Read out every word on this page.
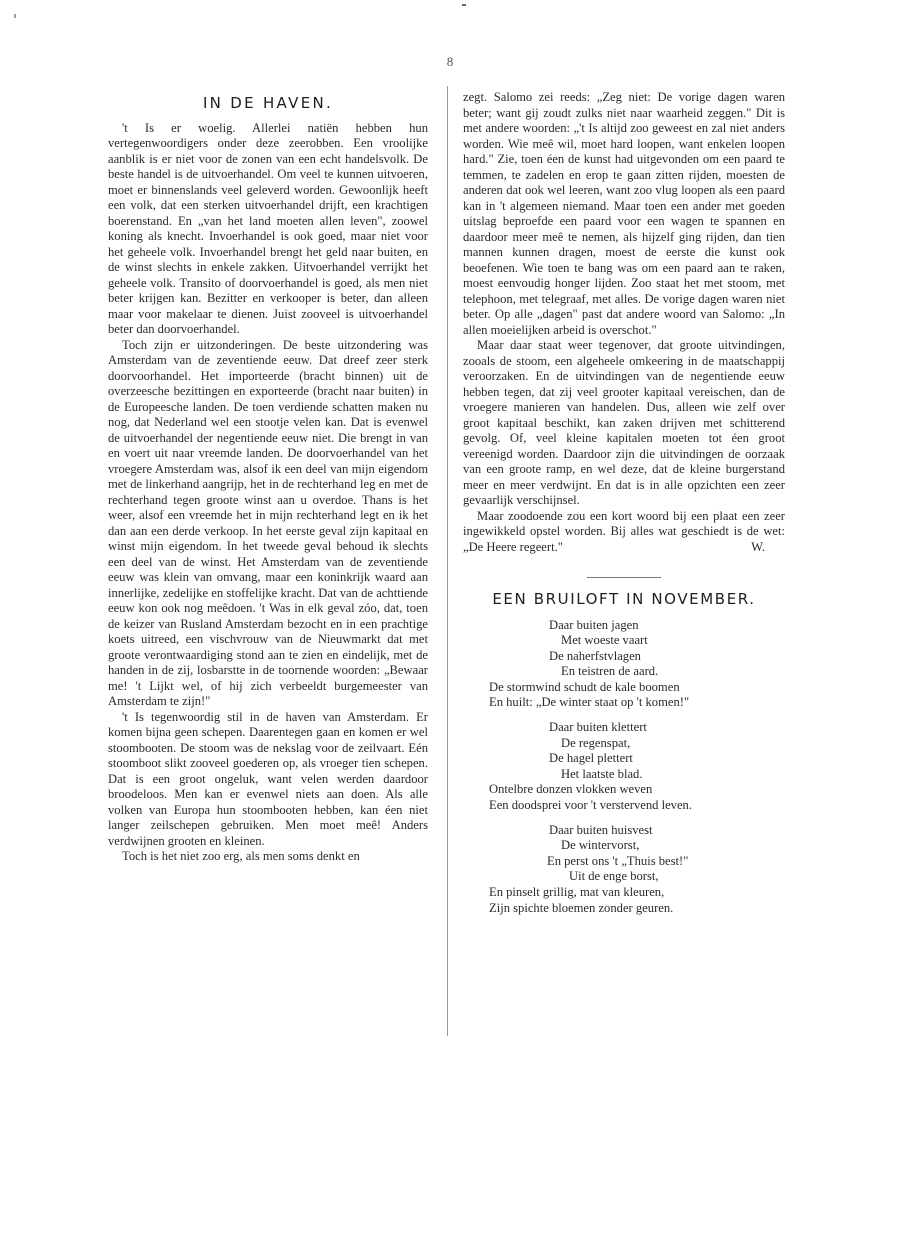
8
IN DE HAVEN.
't Is er woelig. Allerlei natiën hebben hun vertegenwoordigers onder deze zeerobben. Een vroolijke aanblik is er niet voor de zonen van een echt handelsvolk. De beste handel is de uitvoerhandel. Om veel te kunnen uitvoeren, moet er binnenslands veel geleverd worden. Gewoonlijk heeft een volk, dat een sterken uitvoerhandel drijft, een krachtigen boerenstand. En „van het land moeten allen leven", zoowel koning als knecht. Invoerhandel is ook goed, maar niet voor het geheele volk. Invoerhandel brengt het geld naar buiten, en de winst slechts in enkele zakken. Uitvoerhandel verrijkt het geheele volk. Transito of doorvoerhandel is goed, als men niet beter krijgen kan. Bezitter en verkooper is beter, dan alleen maar voor makelaar te dienen. Juist zooveel is uitvoerhandel beter dan doorvoerhandel.
Toch zijn er uitzonderingen. De beste uitzondering was Amsterdam van de zeventiende eeuw. Dat dreef zeer sterk doorvoorhandel. Het importeerde (bracht binnen) uit de overzeesche bezittingen en exporteerde (bracht naar buiten) in de Europeesche landen. De toen verdiende schatten maken nu nog, dat Nederland wel een stootje velen kan. Dat is evenwel de uitvoerhandel der negentiende eeuw niet. Die brengt in van en voert uit naar vreemde landen. De doorvoerhandel van het vroegere Amsterdam was, alsof ik een deel van mijn eigendom met de linkerhand aangrijp, het in de rechterhand leg en met de rechterhand tegen groote winst aan u overdoe. Thans is het weer, alsof een vreemde het in mijn rechterhand legt en ik het dan aan een derde verkoop. In het eerste geval zijn kapitaal en winst mijn eigendom. In het tweede geval behoud ik slechts een deel van de winst. Het Amsterdam van de zeventiende eeuw was klein van omvang, maar een koninkrijk waard aan innerlijke, zedelijke en stoffelijke kracht. Dat van de achttiende eeuw kon ook nog meêdoen. 't Was in elk geval zóo, dat, toen de keizer van Rusland Amsterdam bezocht en in een prachtige koets uitreed, een vischvrouw van de Nieuwmarkt dat met groote verontwaardiging stond aan te zien en eindelijk, met de handen in de zij, losbarstte in de toornende woorden: „Bewaar me! 't Lijkt wel, of hij zich verbeeldt burgemeester van Amsterdam te zijn!"
't Is tegenwoordig stil in de haven van Amsterdam. Er komen bijna geen schepen. Daarentegen gaan en komen er wel stoombooten. De stoom was de nekslag voor de zeilvaart. Eén stoomboot slikt zooveel goederen op, als vroeger tien schepen. Dat is een groot ongeluk, want velen werden daardoor broodeloos. Men kan er evenwel niets aan doen. Als alle volken van Europa hun stoombooten hebben, kan éen niet langer zeilschepen gebruiken. Men moet meê! Anders verdwijnen grooten en kleinen.
Toch is het niet zoo erg, als men soms denkt en
zegt. Salomo zei reeds: „Zeg niet: De vorige dagen waren beter; want gij zoudt zulks niet naar waarheid zeggen." Dit is met andere woorden: „'t Is altijd zoo geweest en zal niet anders worden. Wie meê wil, moet hard loopen, want enkelen loopen hard." Zie, toen éen de kunst had uitgevonden om een paard te temmen, te zadelen en erop te gaan zitten rijden, moesten de anderen dat ook wel leeren, want zoo vlug loopen als een paard kan in 't algemeen niemand. Maar toen een ander met goeden uitslag beproefde een paard voor een wagen te spannen en daardoor meer meê te nemen, als hijzelf ging rijden, dan tien mannen kunnen dragen, moest de eerste die kunst ook beoefenen. Wie toen te bang was om een paard aan te raken, moest eenvoudig honger lijden. Zoo staat het met stoom, met telephoon, met telegraaf, met alles. De vorige dagen waren niet beter. Op alle „dagen" past dat andere woord van Salomo: „In allen moeielijken arbeid is overschot."
Maar daar staat weer tegenover, dat groote uitvindingen, zooals de stoom, een algeheele omkeering in de maatschappij veroorzaken. En de uitvindingen van de negentiende eeuw hebben tegen, dat zij veel grooter kapitaal vereischen, dan de vroegere manieren van handelen. Dus, alleen wie zelf over groot kapitaal beschikt, kan zaken drijven met schitterend gevolg. Of, veel kleine kapitalen moeten tot éen groot vereenigd worden. Daardoor zijn die uitvindingen de oorzaak van een groote ramp, en wel deze, dat de kleine burgerstand meer en meer verdwijnt. En dat is in alle opzichten een zeer gevaarlijk verschijnsel.
Maar zoodoende zou een kort woord bij een plaat een zeer ingewikkeld opstel worden. Bij alles wat geschiedt is de wet: „De Heere regeert."	W.
EEN BRUILOFT IN NOVEMBER.
Daar buiten jagen
Met woeste vaart
De naherfstvlagen
En teistren de aard.
De stormwind schudt de kale boomen
En huilt: „De winter staat op 't komen!"
Daar buiten klettert
De regenspat,
De hagel plettert
Het laatste blad.
Ontelbre donzen vlokken weven
Een doodsprei voor 't verstervend leven.
Daar buiten huisvest
De wintervorst,
En perst ons 't „Thuis best!"
Uit de enge borst,
En pinselt grillig, mat van kleuren,
Zijn spichte bloemen zonder geuren.
